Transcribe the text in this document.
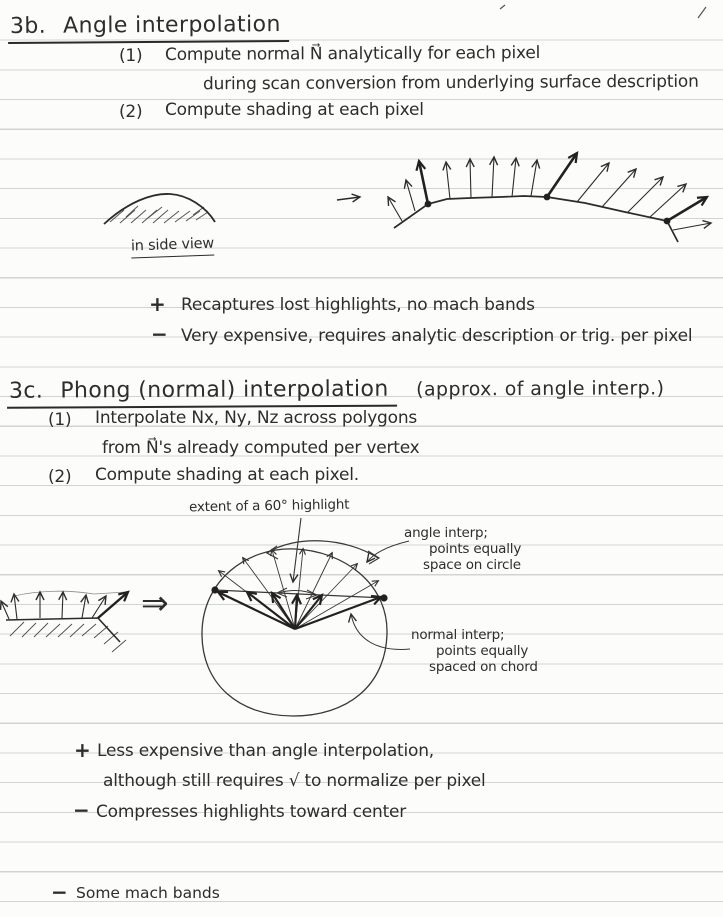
3b. Angle interpolation
(1) Compute normal N⃗ analytically for each pixel
during scan conversion from underlying surface description
(2) Compute shading at each pixel
in side view
+ Recaptures lost highlights, no mach bands
− Very expensive, requires analytic description or trig. per pixel
3c. Phong (normal) interpolation (approx. of angle interp.)
(1) Interpolate Nx, Ny, Nz across polygons
from N⃗'s already computed per vertex
(2) Compute shading at each pixel.
extent of a 60° highlight
angle interp;
points equally
space on circle
normal interp;
points equally
spaced on chord
⇒
+ Less expensive than angle interpolation,
although still requires √ to normalize per pixel
− Compresses highlights toward center
− Some mach bands
